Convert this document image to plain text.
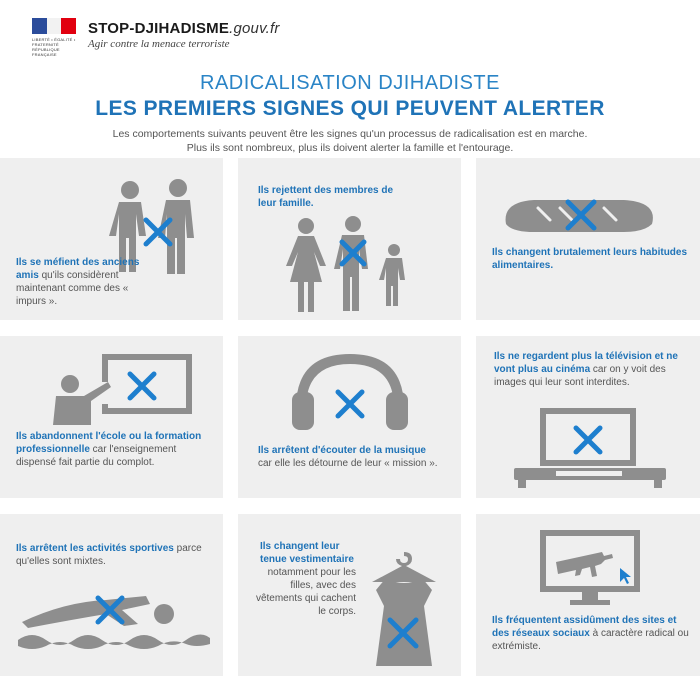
LIBERTÉ • ÉGALITÉ • FRATERNITÉ RÉPUBLIQUE FRANÇAISE
STOP-DJIHADISME.gouv.fr
Agir contre la menace terroriste
RADICALISATION DJIHADISTE
LES PREMIERS SIGNES QUI PEUVENT ALERTER
Les comportements suivants peuvent être les signes qu'un processus de radicalisation est en marche.
Plus ils sont nombreux, plus ils doivent alerter la famille et l'entourage.
Ils se méfient des anciens amis qu'ils considèrent maintenant comme des « impurs ».
Ils rejettent des membres de leur famille.
Ils changent brutalement leurs habitudes alimentaires.
Ils abandonnent l'école ou la formation professionnelle car l'enseignement dispensé fait partie du complot.
Ils arrêtent d'écouter de la musique car elle les détourne de leur « mission ».
Ils ne regardent plus la télévision et ne vont plus au cinéma car on y voit des images qui leur sont interdites.
Ils arrêtent les activités sportives parce qu'elles sont mixtes.
Ils changent leur tenue vestimentaire
notamment pour les filles, avec des vêtements qui cachent le corps.
Ils fréquentent assidûment des sites et des réseaux sociaux à caractère radical ou extrémiste.
